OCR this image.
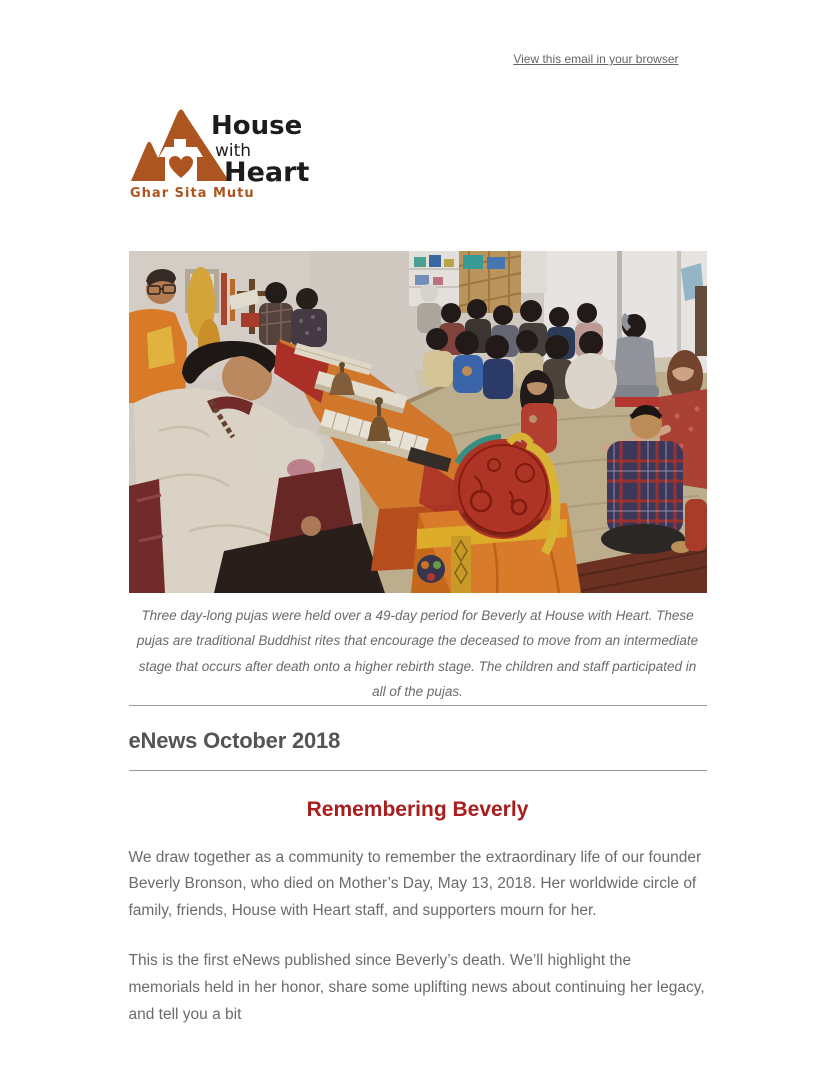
View this email in your browser
House
with
Heart
Ghar Sita Mutu

Three day-long pujas were held over a 49-day period for Beverly at House with Heart. These pujas are traditional Buddhist rites that encourage the deceased to move from an intermediate stage that occurs after death onto a higher rebirth stage. The children and staff participated in all of the pujas.

eNews October 2018
Remembering Beverly

We draw together as a community to remember the extraordinary life of our founder Beverly Bronson, who died on Mother’s Day, May 13, 2018. Her worldwide circle of family, friends, House with Heart staff, and supporters mourn for her.

This is the first eNews published since Beverly’s death. We’ll highlight the memorials held in her honor, share some uplifting news about continuing her legacy, and tell you a bit
